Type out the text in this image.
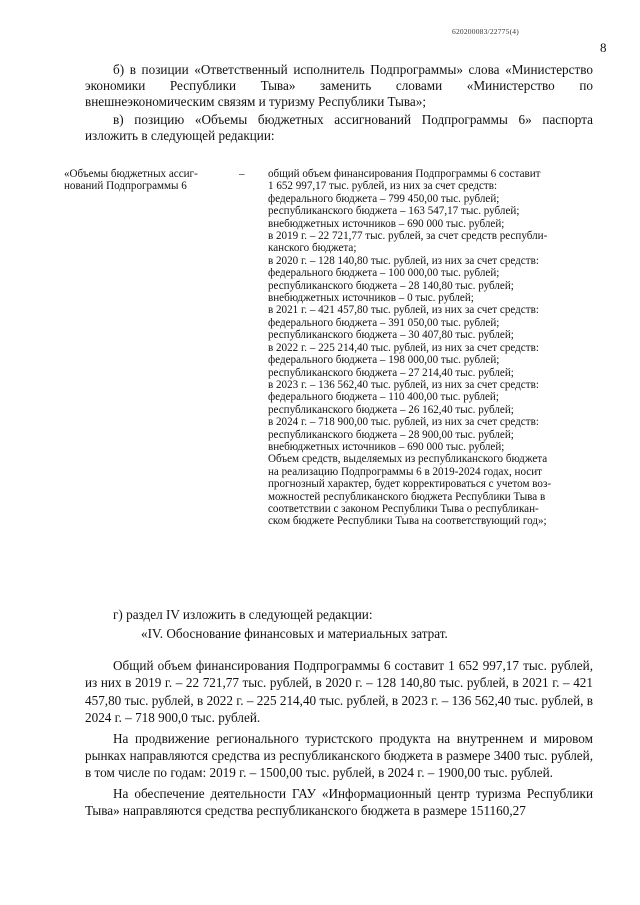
620200083/22775(4)
8

б) в позиции «Ответственный исполнитель Подпрограммы» слова «Министерство экономики Республики Тыва» заменить словами «Министерство по внешнеэкономическим связям и туризму Республики Тыва»;

в) позицию «Объемы бюджетных ассигнований Подпрограммы 6» паспорта изложить в следующей редакции:

«Объемы бюджетных ассиг-
нований Подпрограммы 6
– общий объем финансирования Подпрограммы 6 составит
1 652 997,17 тыс. рублей, из них за счет средств:
федерального бюджета – 799 450,00 тыс. рублей;
республиканского бюджета – 163 547,17 тыс. рублей;
внебюджетных источников – 690 000 тыс. рублей;
в 2019 г. – 22 721,77 тыс. рублей, за счет средств республи-
канского бюджета;
в 2020 г. – 128 140,80 тыс. рублей, из них за счет средств:
федерального бюджета – 100 000,00 тыс. рублей;
республиканского бюджета – 28 140,80 тыс. рублей;
внебюджетных источников – 0 тыс. рублей;
в 2021 г. – 421 457,80 тыс. рублей, из них за счет средств:
федерального бюджета – 391 050,00 тыс. рублей;
республиканского бюджета – 30 407,80 тыс. рублей;
в 2022 г. – 225 214,40 тыс. рублей, из них за счет средств:
федерального бюджета – 198 000,00 тыс. рублей;
республиканского бюджета – 27 214,40 тыс. рублей;
в 2023 г. – 136 562,40 тыс. рублей, из них за счет средств:
федерального бюджета – 110 400,00 тыс. рублей;
республиканского бюджета – 26 162,40 тыс. рублей;
в 2024 г. – 718 900,00 тыс. рублей, из них за счет средств:
республиканского бюджета – 28 900,00 тыс. рублей;
внебюджетных источников – 690 000 тыс. рублей;
Объем средств, выделяемых из республиканского бюджета
на реализацию Подпрограммы 6 в 2019-2024 годах, носит
прогнозный характер, будет корректироваться с учетом воз-
можностей республиканского бюджета Республики Тыва в
соответствии с законом Республики Тыва о республикан-
ском бюджете Республики Тыва на соответствующий год»;
г) раздел IV изложить в следующей редакции:
«IV. Обоснование финансовых и материальных затрат.

Общий объем финансирования Подпрограммы 6 составит 1 652 997,17 тыс. рублей, из них в 2019 г. – 22 721,77 тыс. рублей, в 2020 г. – 128 140,80 тыс. рублей, в 2021 г. – 421 457,80 тыс. рублей, в 2022 г. – 225 214,40 тыс. рублей, в 2023 г. – 136 562,40 тыс. рублей, в 2024 г. – 718 900,0 тыс. рублей.

На продвижение регионального туристского продукта на внутреннем и мировом рынках направляются средства из республиканского бюджета в размере 3400 тыс. рублей, в том числе по годам: 2019 г. – 1500,00 тыс. рублей, в 2024 г. – 1900,00 тыс. рублей.

На обеспечение деятельности ГАУ «Информационный центр туризма Республики Тыва» направляются средства республиканского бюджета в размере 151160,27
